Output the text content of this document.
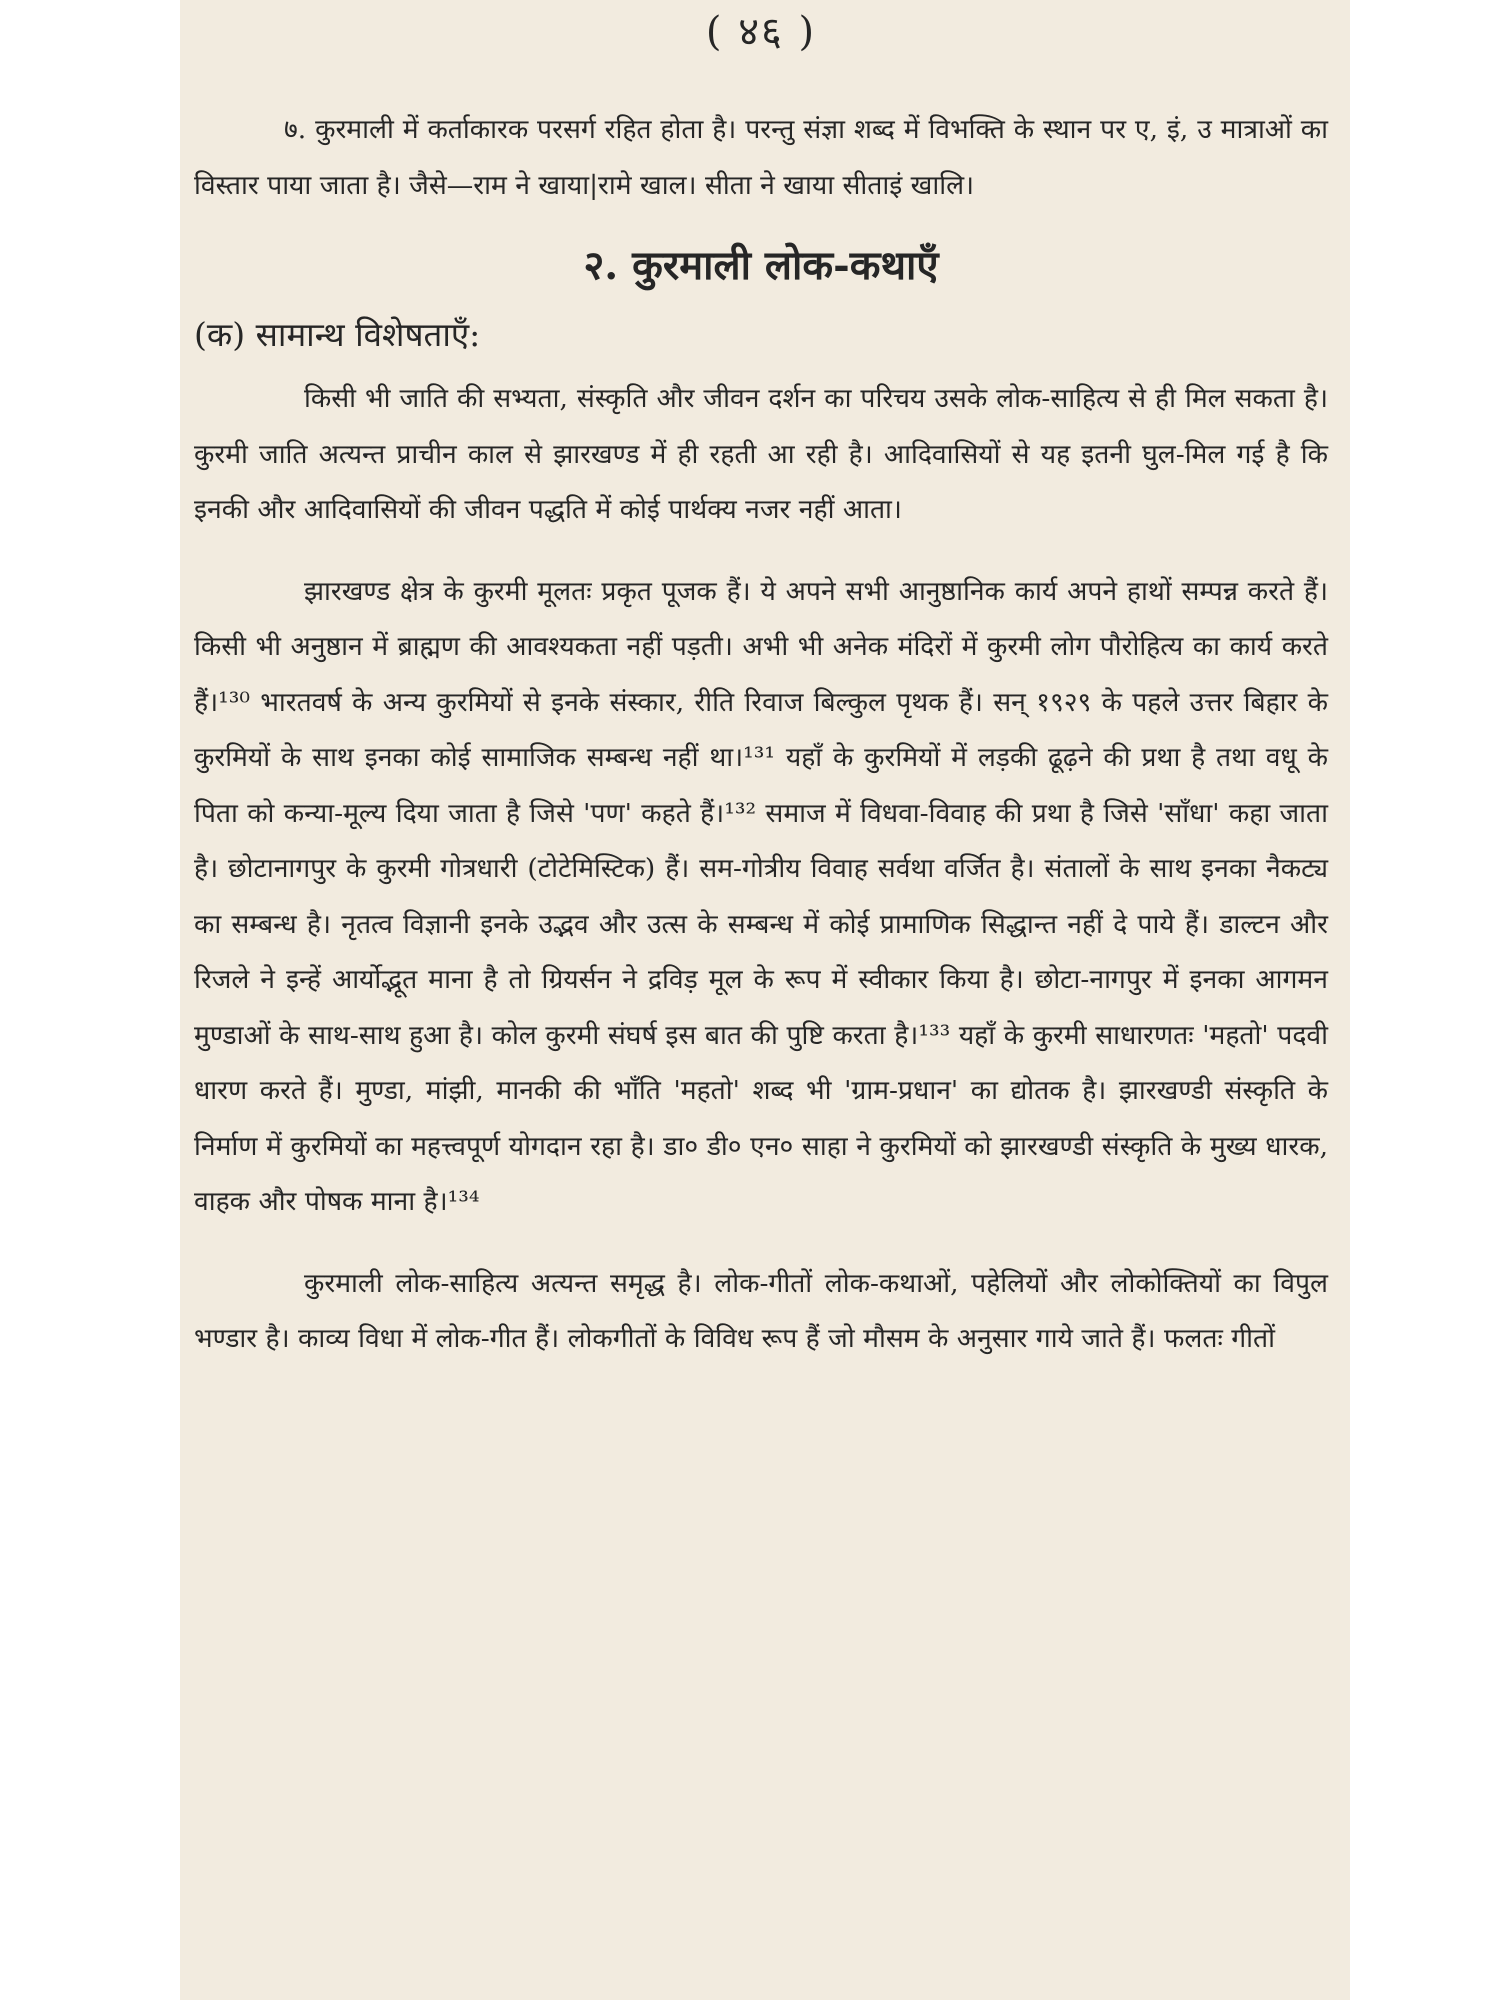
( ४६ )

७. कुरमाली में कर्ताकारक परसर्ग रहित होता है। परन्तु संज्ञा शब्द में विभक्ति के स्थान पर ए, इं, उ मात्राओं का विस्तार पाया जाता है। जैसे—राम ने खाया|रामे खाल। सीता ने खाया सीताइं खालि।

२. कुरमाली लोक-कथाएँ
(क) सामान्थ विशेषताएँ:

किसी भी जाति की सभ्यता, संस्कृति और जीवन दर्शन का परिचय उसके लोक-साहित्य से ही मिल सकता है। कुरमी जाति अत्यन्त प्राचीन काल से झारखण्ड में ही रहती आ रही है। आदिवासियों से यह इतनी घुल-मिल गई है कि इनकी और आदिवासियों की जीवन पद्धति में कोई पार्थक्य नजर नहीं आता।

झारखण्ड क्षेत्र के कुरमी मूलतः प्रकृत पूजक हैं। ये अपने सभी आनुष्ठानिक कार्य अपने हाथों सम्पन्न करते हैं। किसी भी अनुष्ठान में ब्राह्मण की आवश्यकता नहीं पड़ती। अभी भी अनेक मंदिरों में कुरमी लोग पौरोहित्य का कार्य करते हैं।¹³⁰ भारतवर्ष के अन्य कुरमियों से इनके संस्कार, रीति रिवाज बिल्कुल पृथक हैं। सन् १९२९ के पहले उत्तर बिहार के कुरमियों के साथ इनका कोई सामाजिक सम्बन्ध नहीं था।¹³¹ यहाँ के कुरमियों में लड़की ढूढ़ने की प्रथा है तथा वधू के पिता को कन्या-मूल्य दिया जाता है जिसे 'पण' कहते हैं।¹³² समाज में विधवा-विवाह की प्रथा है जिसे 'साँधा' कहा जाता है। छोटानागपुर के कुरमी गोत्रधारी (टोटेमिस्टिक) हैं। सम-गोत्रीय विवाह सर्वथा वर्जित है। संतालों के साथ इनका नैकट्य का सम्बन्ध है। नृतत्व विज्ञानी इनके उद्भव और उत्स के सम्बन्ध में कोई प्रामाणिक सिद्धान्त नहीं दे पाये हैं। डाल्टन और रिजले ने इन्हें आर्योद्भूत माना है तो ग्रियर्सन ने द्रविड़ मूल के रूप में स्वीकार किया है। छोटा-नागपुर में इनका आगमन मुण्डाओं के साथ-साथ हुआ है। कोल कुरमी संघर्ष इस बात की पुष्टि करता है।¹³³ यहाँ के कुरमी साधारणतः 'महतो' पदवी धारण करते हैं। मुण्डा, मांझी, मानकी की भाँति 'महतो' शब्द भी 'ग्राम-प्रधान' का द्योतक है। झारखण्डी संस्कृति के निर्माण में कुरमियों का महत्त्वपूर्ण योगदान रहा है। डा० डी० एन० साहा ने कुरमियों को झारखण्डी संस्कृति के मुख्य धारक, वाहक और पोषक माना है।¹³⁴

कुरमाली लोक-साहित्य अत्यन्त समृद्ध है। लोक-गीतों लोक-कथाओं, पहेलियों और लोकोक्तियों का विपुल भण्डार है। काव्य विधा में लोक-गीत हैं। लोकगीतों के विविध रूप हैं जो मौसम के अनुसार गाये जाते हैं। फलतः गीतों
